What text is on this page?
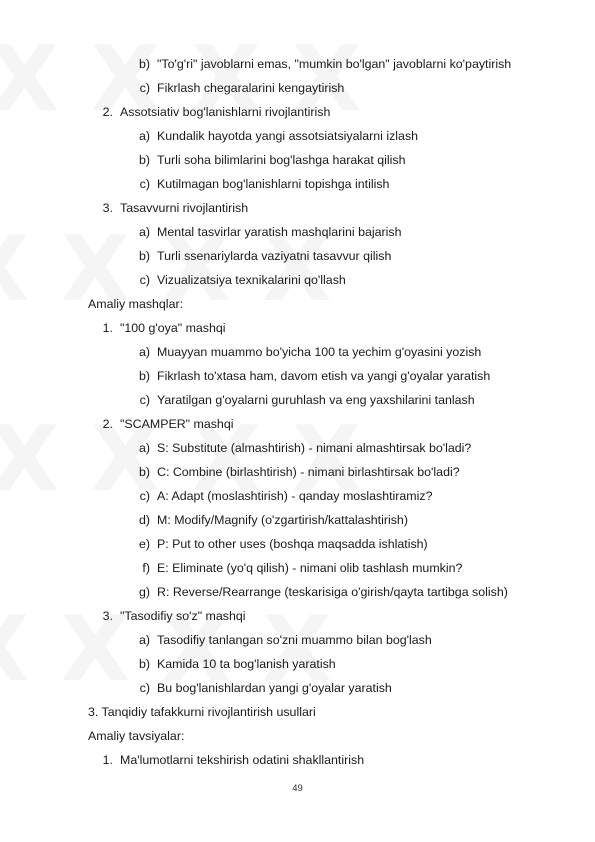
b) "To'g'ri" javoblarni emas, "mumkin bo'lgan" javoblarni ko'paytirish
c) Fikrlash chegaralarini kengaytirish
2. Assotsiativ bog'lanishlarni rivojlantirish
a) Kundalik hayotda yangi assotsiatsiyalarni izlash
b) Turli soha bilimlarini bog'lashga harakat qilish
c) Kutilmagan bog'lanishlarni topishga intilish
3. Tasavvurni rivojlantirish
a) Mental tasvirlar yaratish mashqlarini bajarish
b) Turli ssenariylarda vaziyatni tasavvur qilish
c) Vizualizatsiya texnikalarini qo'llash
Amaliy mashqlar:
1. "100 g'oya" mashqi
a) Muayyan muammo bo'yicha 100 ta yechim g'oyasini yozish
b) Fikrlash to'xtasa ham, davom etish va yangi g'oyalar yaratish
c) Yaratilgan g'oyalarni guruhlash va eng yaxshilarini tanlash
2. "SCAMPER" mashqi
a) S: Substitute (almashtirish) - nimani almashtirsak bo'ladi?
b) C: Combine (birlashtirish) - nimani birlashtirsak bo'ladi?
c) A: Adapt (moslashtirish) - qanday moslashtiramiz?
d) M: Modify/Magnify (o'zgartirish/kattalashtirish)
e) P: Put to other uses (boshqa maqsadda ishlatish)
f) E: Eliminate (yo'q qilish) - nimani olib tashlash mumkin?
g) R: Reverse/Rearrange (teskarisiga o'girish/qayta tartibga solish)
3. "Tasodifiy so'z" mashqi
a) Tasodifiy tanlangan so'zni muammo bilan bog'lash
b) Kamida 10 ta bog'lanish yaratish
c) Bu bog'lanishlardan yangi g'oyalar yaratish
3. Tanqidiy tafakkurni rivojlantirish usullari
Amaliy tavsiyalar:
1. Ma'lumotlarni tekshirish odatini shakllantirish
49
